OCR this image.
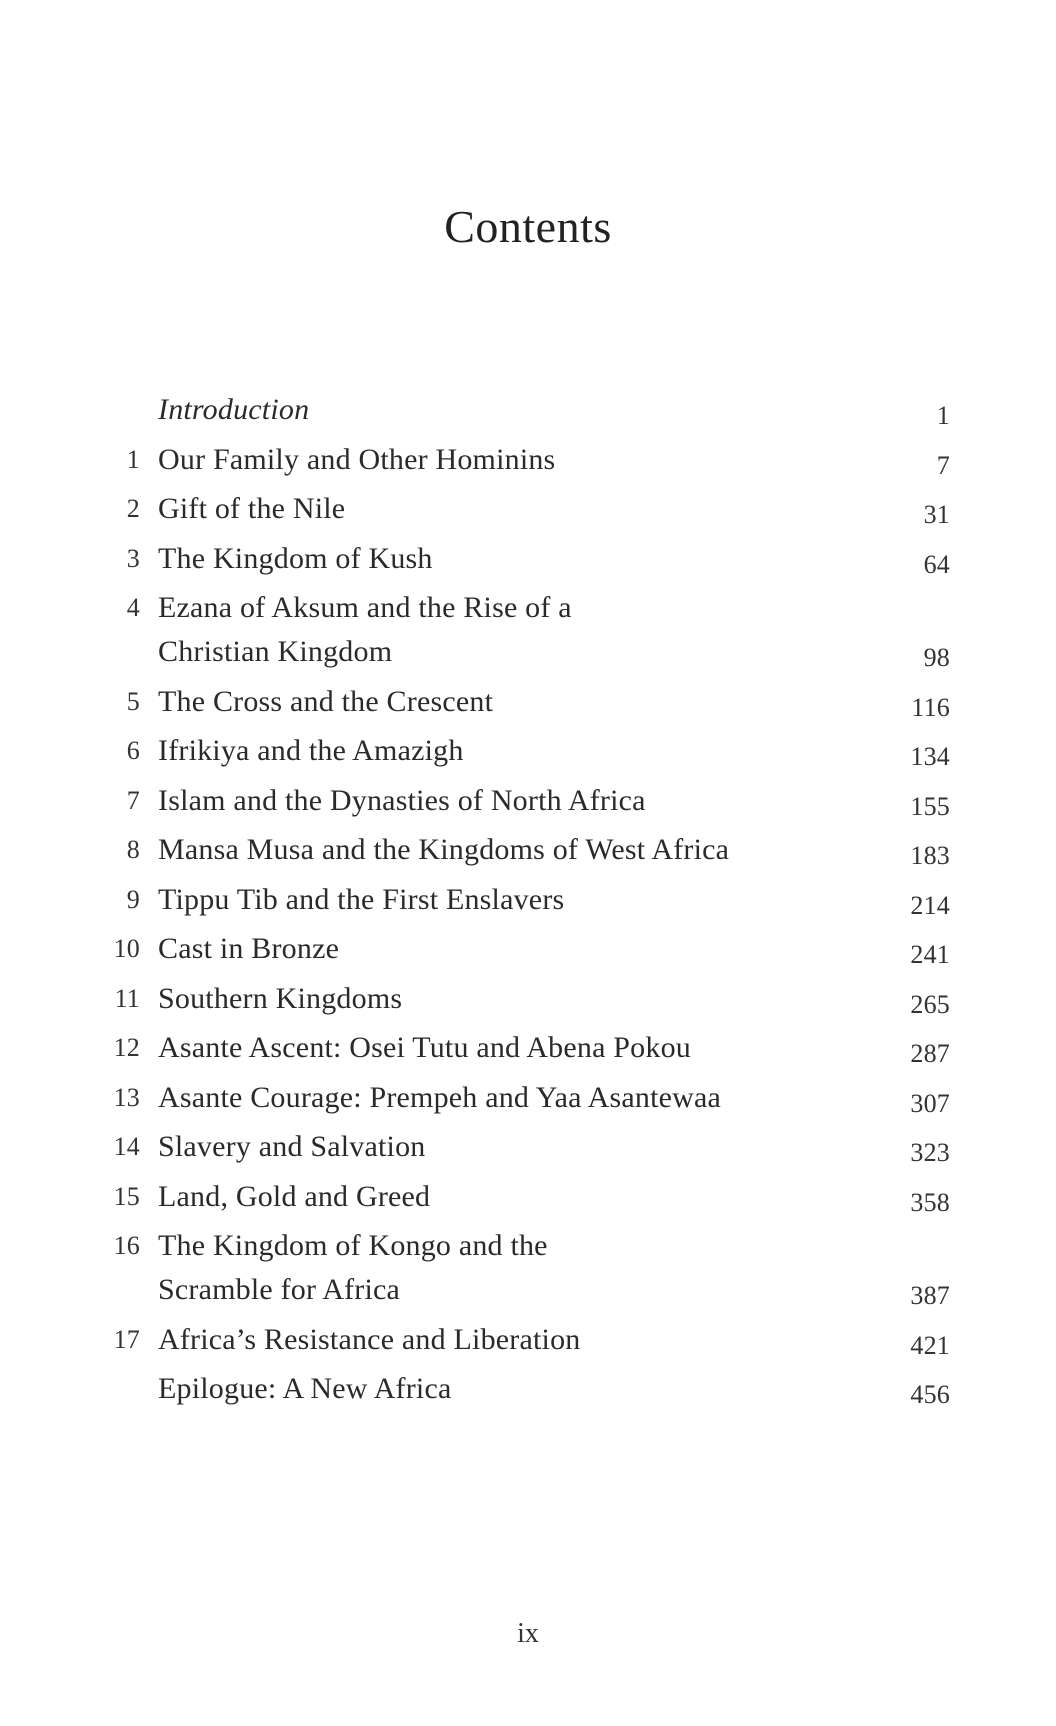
Contents
Introduction	1
1 Our Family and Other Hominins	7
2 Gift of the Nile	31
3 The Kingdom of Kush	64
4 Ezana of Aksum and the Rise of a
Christian Kingdom	98
5 The Cross and the Crescent	116
6 Ifrikiya and the Amazigh	134
7 Islam and the Dynasties of North Africa	155
8 Mansa Musa and the Kingdoms of West Africa	183
9 Tippu Tib and the First Enslavers	214
10 Cast in Bronze	241
11 Southern Kingdoms	265
12 Asante Ascent: Osei Tutu and Abena Pokou	287
13 Asante Courage: Prempeh and Yaa Asantewaa	307
14 Slavery and Salvation	323
15 Land, Gold and Greed	358
16 The Kingdom of Kongo and the
Scramble for Africa	387
17 Africa’s Resistance and Liberation	421
Epilogue: A New Africa	456
ix
